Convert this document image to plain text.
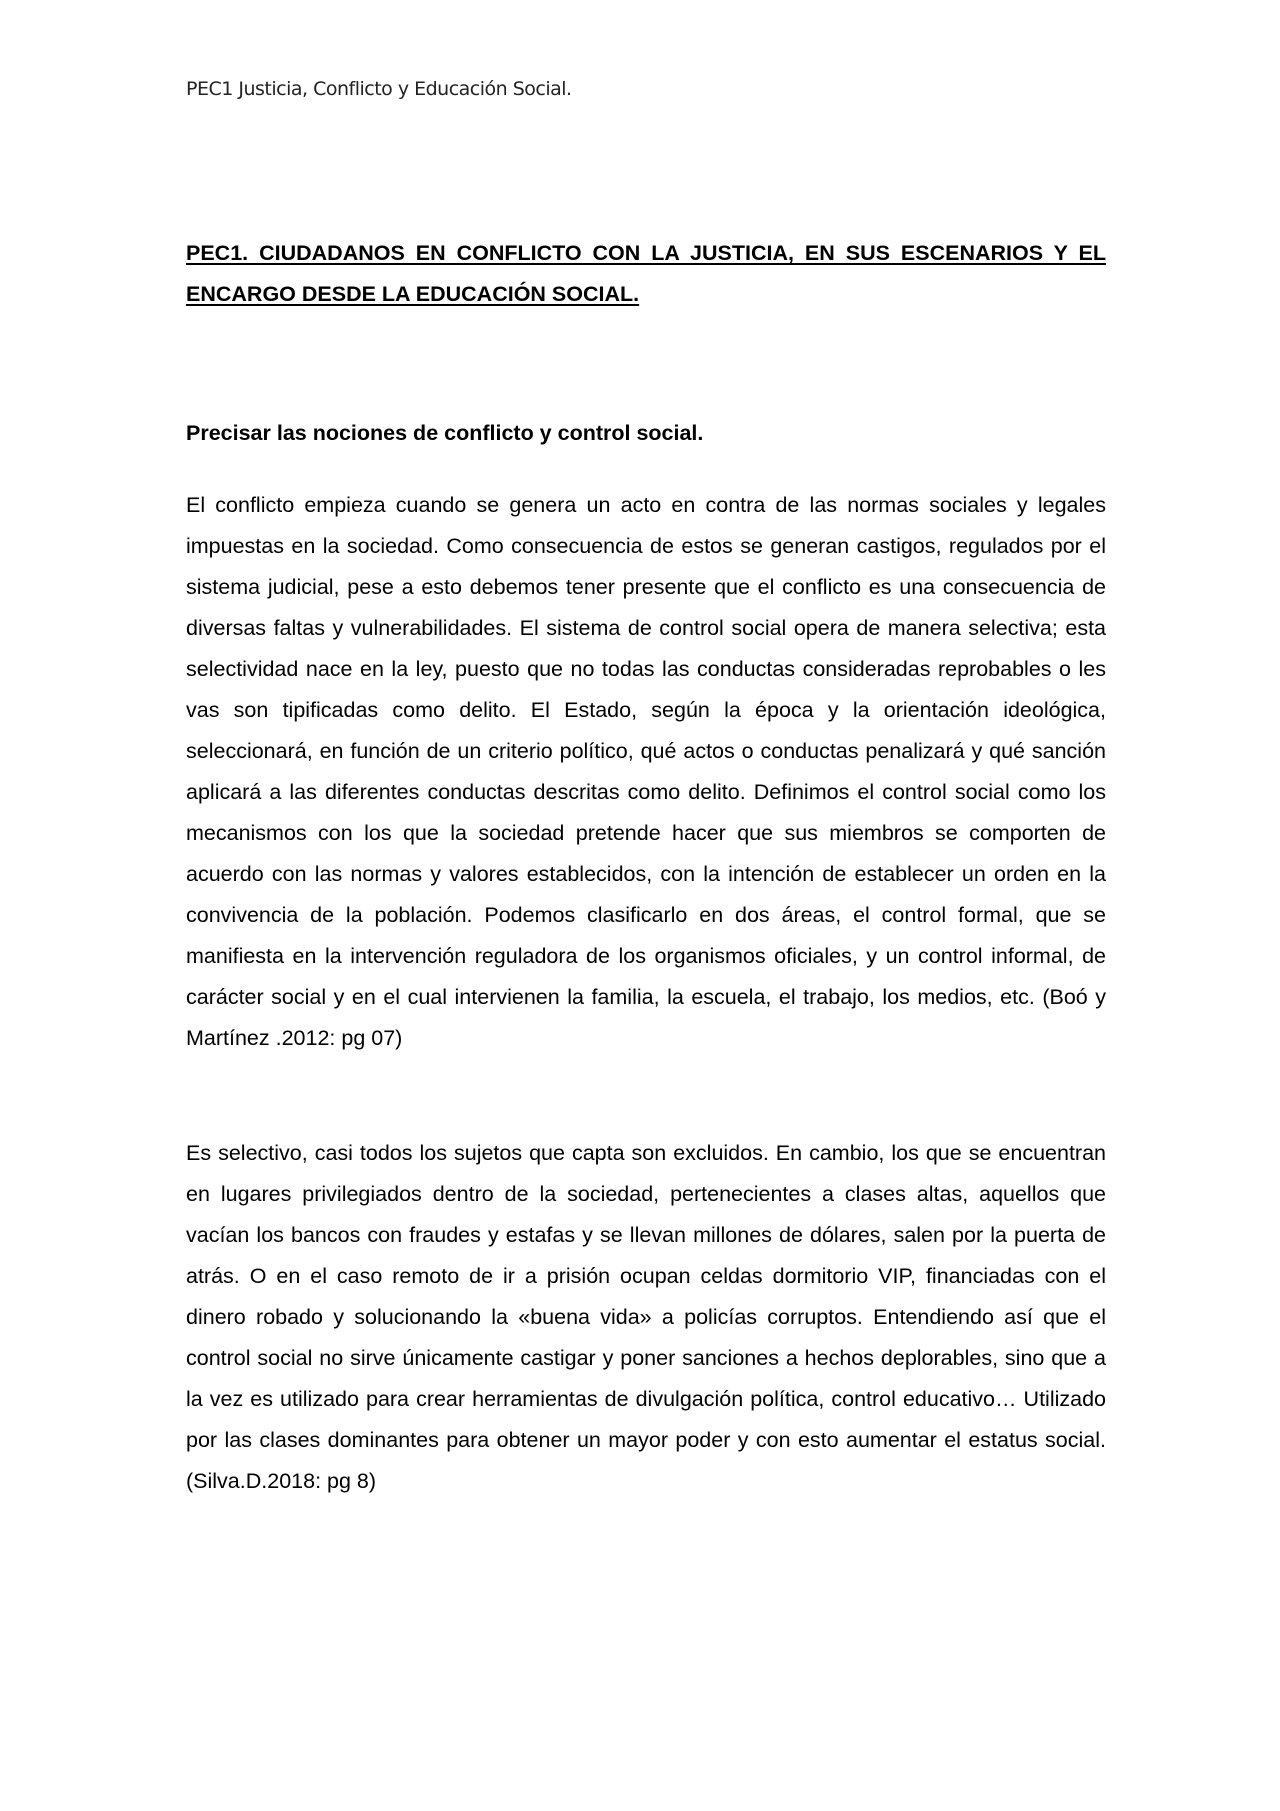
PEC1 Justicia, Conflicto y Educación Social.
PEC1. CIUDADANOS EN CONFLICTO CON LA JUSTICIA, EN SUS ESCENARIOS Y EL ENCARGO DESDE LA EDUCACIÓN SOCIAL.
Precisar las nociones de conflicto y control social.

El conflicto empieza cuando se genera un acto en contra de las normas sociales y legales impuestas en la sociedad. Como consecuencia de estos se generan castigos, regulados por el sistema judicial, pese a esto debemos tener presente que el conflicto es una consecuencia de diversas faltas y vulnerabilidades. El sistema de control social opera de manera selectiva; esta selectividad nace en la ley, puesto que no todas las conductas consideradas reprobables o les vas son tipificadas como delito. El Estado, según la época y la orientación ideológica, seleccionará, en función de un criterio político, qué actos o conductas penalizará y qué sanción aplicará a las diferentes conductas descritas como delito. Definimos el control social como los mecanismos con los que la sociedad pretende hacer que sus miembros se comporten de acuerdo con las normas y valores establecidos, con la intención de establecer un orden en la convivencia de la población. Podemos clasificarlo en dos áreas, el control formal, que se manifiesta en la intervención reguladora de los organismos oficiales, y un control informal, de carácter social y en el cual intervienen la familia, la escuela, el trabajo, los medios, etc. (Boó y Martínez .2012: pg 07)

Es selectivo, casi todos los sujetos que capta son excluidos. En cambio, los que se encuentran en lugares privilegiados dentro de la sociedad, pertenecientes a clases altas, aquellos que vacían los bancos con fraudes y estafas y se llevan millones de dólares, salen por la puerta de atrás. O en el caso remoto de ir a prisión ocupan celdas dormitorio VIP, financiadas con el dinero robado y solucionando la «buena vida» a policías corruptos. Entendiendo así que el control social no sirve únicamente castigar y poner sanciones a hechos deplorables, sino que a la vez es utilizado para crear herramientas de divulgación política, control educativo… Utilizado por las clases dominantes para obtener un mayor poder y con esto aumentar el estatus social. (Silva.D.2018: pg 8)
